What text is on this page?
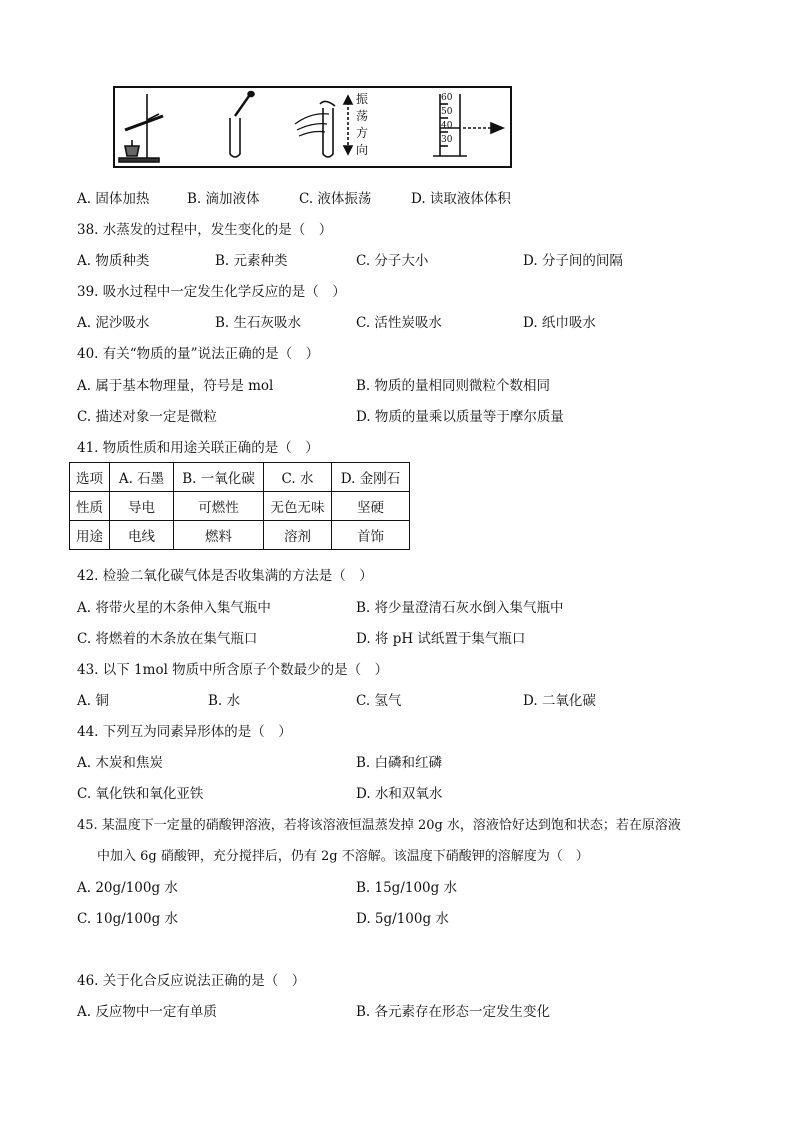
振
荡
方
向
60
50
40
30
A. 固体加热	B. 滴加液体	C. 液体振荡	D. 读取液体体积
38. 水蒸发的过程中，发生变化的是（　）
A. 物质种类	B. 元素种类	C. 分子大小	D. 分子间的间隔
39. 吸水过程中一定发生化学反应的是（　）
A. 泥沙吸水	B. 生石灰吸水	C. 活性炭吸水	D. 纸巾吸水
40. 有关“物质的量”说法正确的是（　）
A. 属于基本物理量，符号是 mol	B. 物质的量相同则微粒个数相同
C. 描述对象一定是微粒	D. 物质的量乘以质量等于摩尔质量
41. 物质性质和用途关联正确的是（　）
选项	A. 石墨	B. 一氧化碳	C. 水	D. 金刚石
性质	导电	可燃性	无色无味	坚硬
用途	电线	燃料	溶剂	首饰
42. 检验二氧化碳气体是否收集满的方法是（　）
A. 将带火星的木条伸入集气瓶中	B. 将少量澄清石灰水倒入集气瓶中
C. 将燃着的木条放在集气瓶口	D. 将 pH 试纸置于集气瓶口
43. 以下 1mol 物质中所含原子个数最少的是（　）
A. 铜	B. 水	C. 氢气	D. 二氧化碳
44. 下列互为同素异形体的是（　）
A. 木炭和焦炭	B. 白磷和红磷
C. 氧化铁和氧化亚铁	D. 水和双氧水
45. 某温度下一定量的硝酸钾溶液，若将该溶液恒温蒸发掉 20g 水，溶液恰好达到饱和状态；若在原溶液
中加入 6g 硝酸钾，充分搅拌后，仍有 2g 不溶解。该温度下硝酸钾的溶解度为（　）
A. 20g/100g 水	B. 15g/100g 水
C. 10g/100g 水	D. 5g/100g 水
46. 关于化合反应说法正确的是（　）
A. 反应物中一定有单质	B. 各元素存在形态一定发生变化
